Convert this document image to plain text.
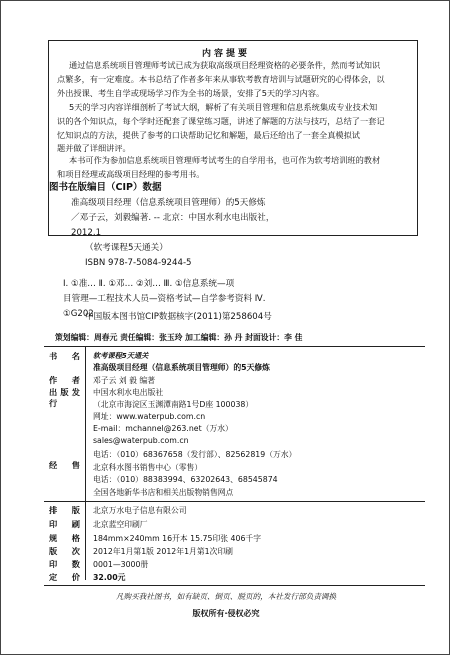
内容提要
通过信息系统项目管理师考试已成为获取高级项目经理资格的必要条件，然而考试知识
点繁多，有一定难度。本书总结了作者多年来从事软考教育培训与试题研究的心得体会，以
外出授课、考生自学或现场学习作为全书的场景，安排了5天的学习内容。
5天的学习内容详细剖析了考试大纲，解析了有关项目管理和信息系统集成专业技术知
识的各个知识点，每个学时还配套了课堂练习题，讲述了解题的方法与技巧，总结了一套记
忆知识点的方法，提供了参考的口诀帮助记忆和解题，最后还给出了一套全真模拟试
题并做了详细讲评。
本书可作为参加信息系统项目管理师考试考生的自学用书，也可作为软考培训班的教材
和项目经理或高级项目经理的参考用书。
图书在版编目（CIP）数据
准高级项目经理（信息系统项目管理师）的5天修炼
／邓子云，刘毅编著. -- 北京：中国水利水电出版社，
2012.1
（软考课程5天通关）
ISBN 978-7-5084-9244-5
Ⅰ. ①准… Ⅱ. ①邓… ②刘… Ⅲ. ①信息系统—项
目管理—工程技术人员—资格考试—自学参考资料 Ⅳ.
①G202
中国版本图书馆CIP数据核字(2011)第258604号
策划编辑：周春元 责任编辑：张玉玲 加工编辑：孙 丹 封面设计：李 佳
书名 软考课程5天通关
准高级项目经理（信息系统项目管理师）的5天修炼
作者 邓子云 刘 毅 编著
出版发行
中国水利水电出版社
（北京市海淀区玉渊潭南路1号D座 100038）
网址：www.waterpub.com.cn
E-mail：mchannel@263.net（万水）
sales@waterpub.com.cn
经售
电话：（010）68367658（发行部）、82562819（万水）
北京科水图书销售中心（零售）
电话：（010）88383994、63202643、68545874
全国各地新华书店和相关出版物销售网点
排版 北京万水电子信息有限公司
印刷 北京蓝空印刷厂
规格 184mm×240mm 16开本 15.75印张 406千字
版次 2012年1月第1版 2012年1月第1次印刷
印数 0001—3000册
定价 32.00元
凡购买我社图书，如有缺页、倒页、脱页的，本社发行部负责调换
版权所有·侵权必究
